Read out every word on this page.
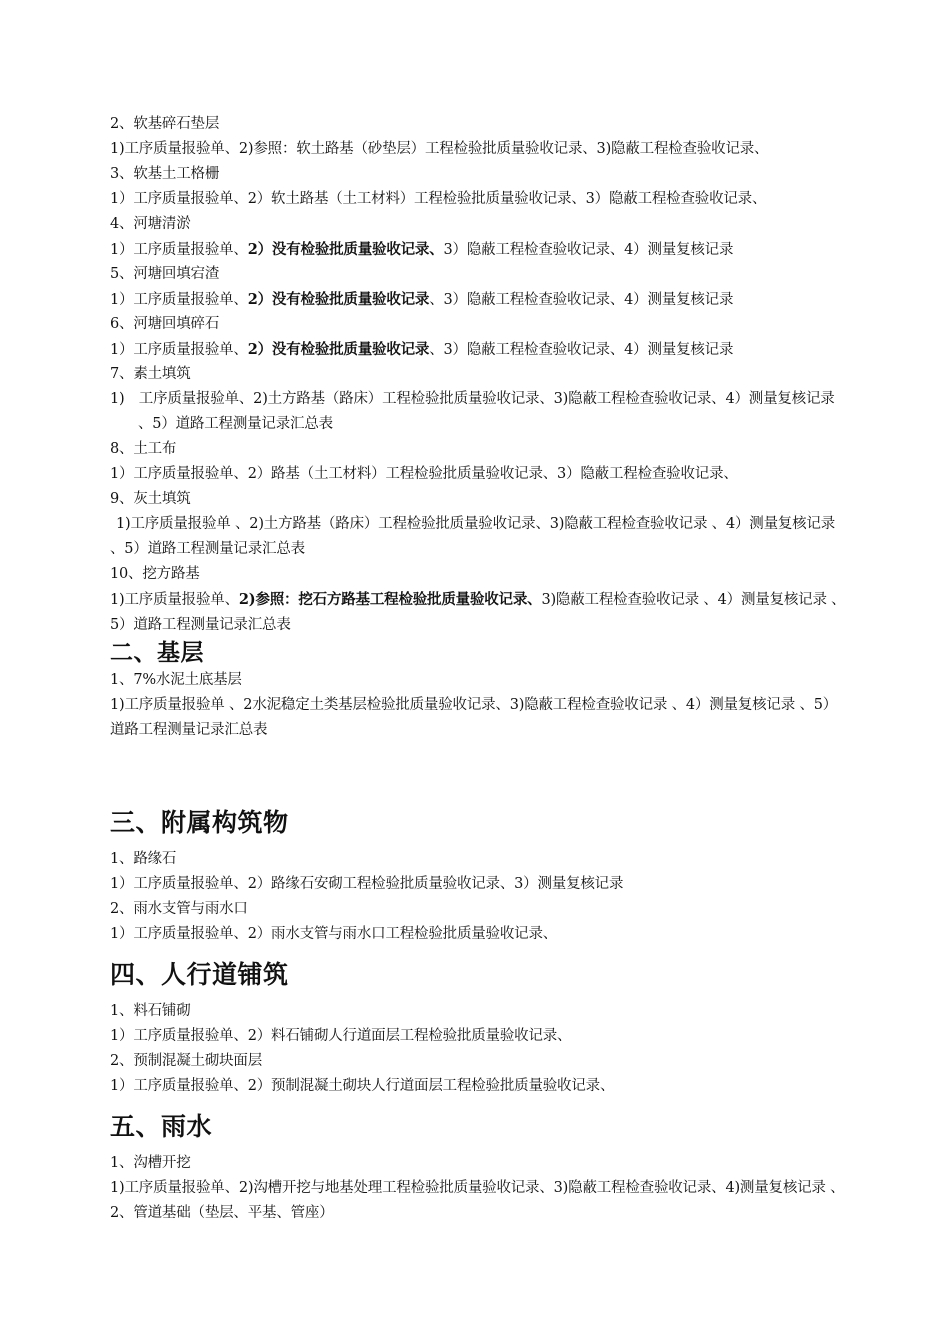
2、软基碎石垫层
1)工序质量报验单、2)参照：软土路基（砂垫层）工程检验批质量验收记录、3)隐蔽工程检查验收记录、
3、软基土工格栅
1）工序质量报验单、2）软土路基（土工材料）工程检验批质量验收记录、3）隐蔽工程检查验收记录、
4、河塘清淤
1）工序质量报验单、2）没有检验批质量验收记录、3）隐蔽工程检查验收记录、4）测量复核记录
5、河塘回填宕渣
1）工序质量报验单、2）没有检验批质量验收记录、3）隐蔽工程检查验收记录、4）测量复核记录
6、河塘回填碎石
1）工序质量报验单、2）没有检验批质量验收记录、3）隐蔽工程检查验收记录、4）测量复核记录
7、素土填筑
1)　工序质量报验单、2)土方路基（路床）工程检验批质量验收记录、3)隐蔽工程检查验收记录、4）测量复核记录 、5）道路工程测量记录汇总表
8、土工布
1）工序质量报验单、2）路基（土工材料）工程检验批质量验收记录、3）隐蔽工程检查验收记录、
9、灰土填筑
1)工序质量报验单 、2)土方路基（路床）工程检验批质量验收记录、3)隐蔽工程检查验收记录 、4）测量复核记录 、5）道路工程测量记录汇总表
10、挖方路基
1)工序质量报验单、2)参照：挖石方路基工程检验批质量验收记录、3)隐蔽工程检查验收记录 、4）测量复核记录 、5）道路工程测量记录汇总表
二、基层
1、7%水泥土底基层
1)工序质量报验单 、2水泥稳定土类基层检验批质量验收记录、3)隐蔽工程检查验收记录 、4）测量复核记录 、5）道路工程测量记录汇总表
三、附属构筑物
1、路缘石
1）工序质量报验单、2）路缘石安砌工程检验批质量验收记录、3）测量复核记录
2、雨水支管与雨水口
1）工序质量报验单、2）雨水支管与雨水口工程检验批质量验收记录、
四、人行道铺筑
1、料石铺砌
1）工序质量报验单、2）料石铺砌人行道面层工程检验批质量验收记录、
2、预制混凝土砌块面层
1）工序质量报验单、2）预制混凝土砌块人行道面层工程检验批质量验收记录、
五、雨水
1、沟槽开挖
1)工序质量报验单、2)沟槽开挖与地基处理工程检验批质量验收记录、3)隐蔽工程检查验收记录、4)测量复核记录 、
2、管道基础（垫层、平基、管座）
